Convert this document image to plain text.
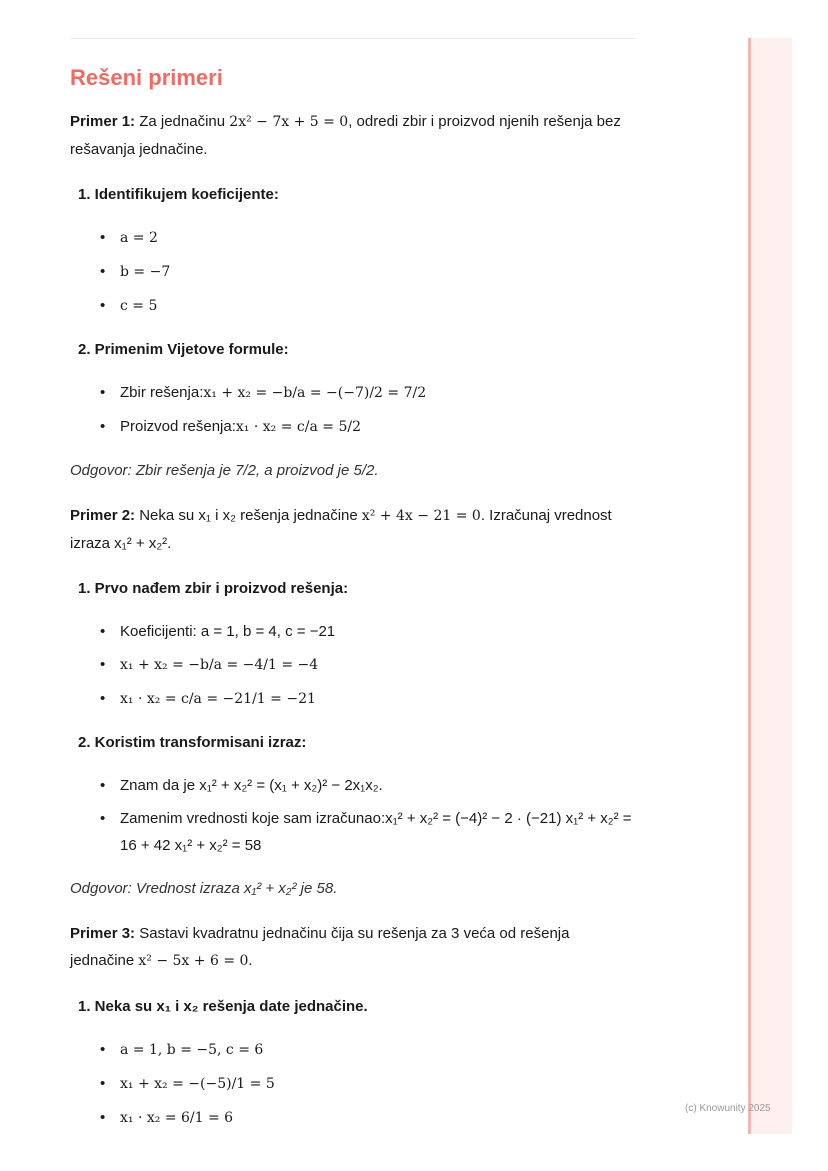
Rešeni primeri

Primer 1: Za jednačinu 2x² − 7x + 5 = 0, odredi zbir i proizvod njenih rešenja bez rešavanja jednačine.

1. Identifikujem koeficijente:

• a = 2
• b = −7
• c = 5

2. Primenim Vijetove formule:

• Zbir rešenja:x₁ + x₂ = −b/a = −(−7)/2 = 7/2
• Proizvod rešenja:x₁ · x₂ = c/a = 5/2

Odgovor: Zbir rešenja je 7/2, a proizvod je 5/2.

Primer 2: Neka su x₁ i x₂ rešenja jednačine x² + 4x − 21 = 0. Izračunaj vrednost izraza x₁² + x₂².

1. Prvo nađem zbir i proizvod rešenja:

• Koeficijenti: a = 1, b = 4, c = −21
• x₁ + x₂ = −b/a = −4/1 = −4
• x₁ · x₂ = c/a = −21/1 = −21

2. Koristim transformisani izraz:

• Znam da je x₁² + x₂² = (x₁ + x₂)² − 2x₁x₂.
• Zamenim vrednosti koje sam izračunao:x₁² + x₂² = (−4)² − 2 · (−21) x₁² + x₂² = 16 + 42 x₁² + x₂² = 58

Odgovor: Vrednost izraza x₁² + x₂² je 58.

Primer 3: Sastavi kvadratnu jednačinu čija su rešenja za 3 veća od rešenja jednačine x² − 5x + 6 = 0.

1. Neka su x₁ i x₂ rešenja date jednačine.

• a = 1, b = −5, c = 6
• x₁ + x₂ = −(−5)/1 = 5
• x₁ · x₂ = 6/1 = 6
(c) Knowunity 2025
